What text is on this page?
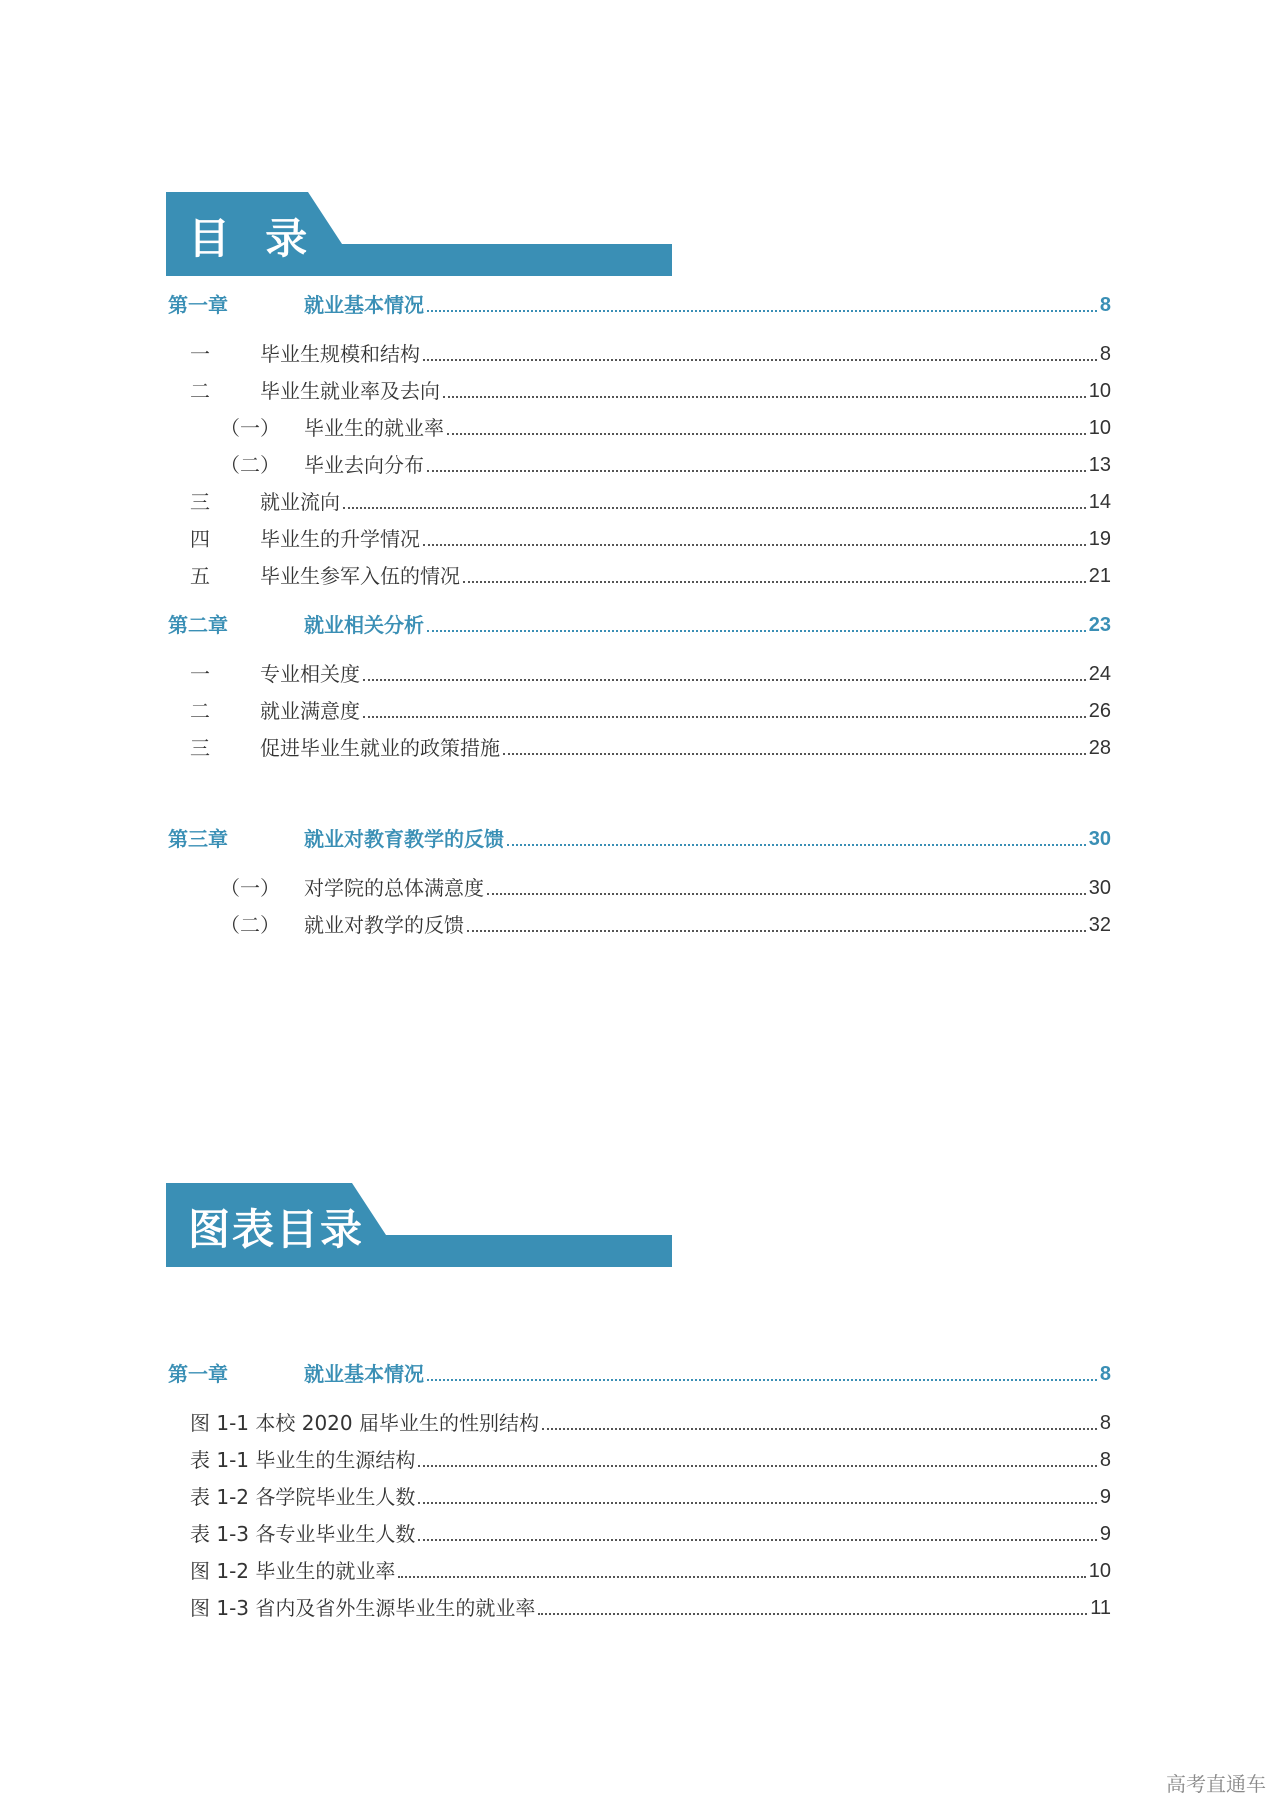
目  录
图表目录
第一章	就业基本情况	8
一	毕业生规模和结构	8
二	毕业生就业率及去向	10
（一）	毕业生的就业率	10
（二）	毕业去向分布	13
三	就业流向	14
四	毕业生的升学情况	19
五	毕业生参军入伍的情况	21
第二章	就业相关分析	23
一	专业相关度	24
二	就业满意度	26
三	促进毕业生就业的政策措施	28
第三章	就业对教育教学的反馈	30
（一）	对学院的总体满意度	30
（二）	就业对教学的反馈	32
第一章	就业基本情况	8
图 1-1 本校 2020 届毕业生的性别结构	8
表 1-1 毕业生的生源结构	8
表 1-2 各学院毕业生人数	9
表 1-3 各专业毕业生人数	9
图 1-2 毕业生的就业率	10
图 1-3 省内及省外生源毕业生的就业率	11
高考直通车
